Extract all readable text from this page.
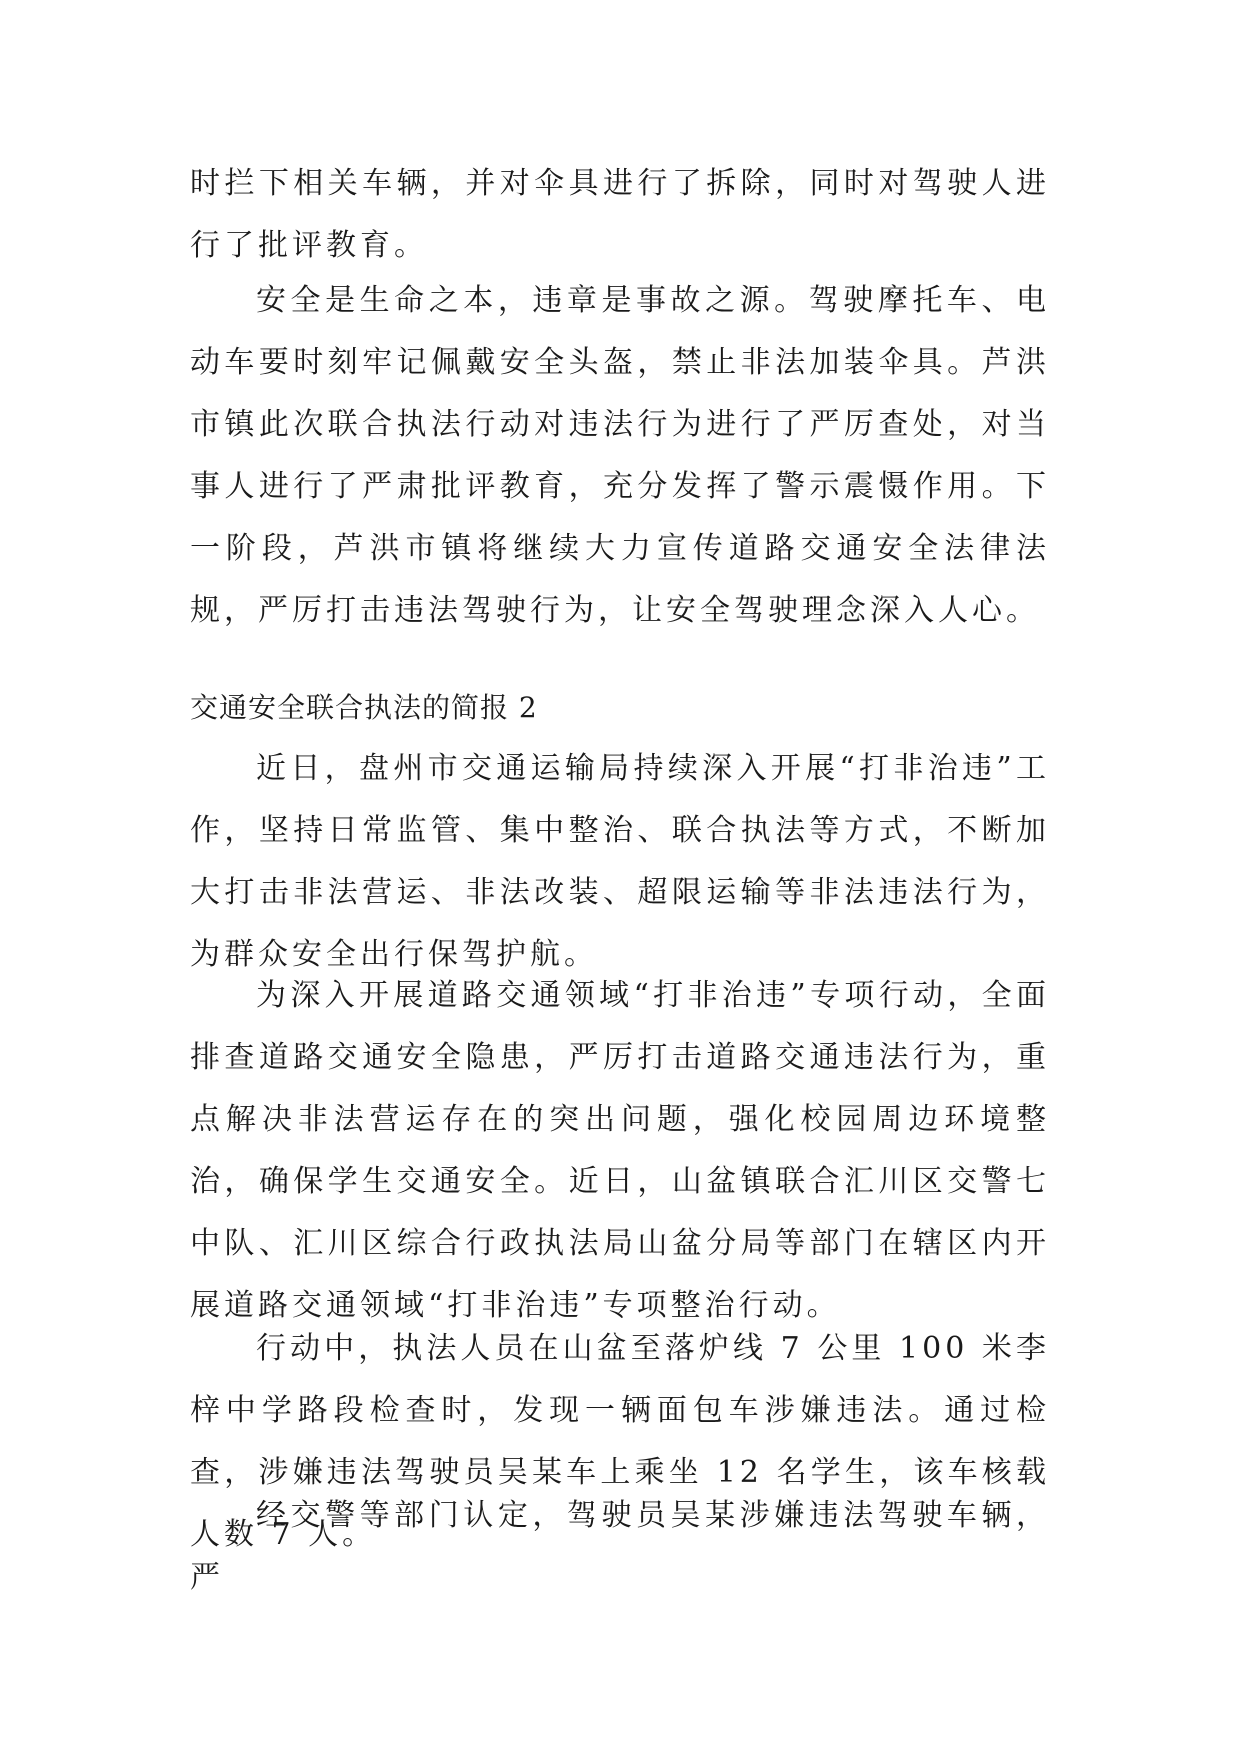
时拦下相关车辆，并对伞具进行了拆除，同时对驾驶人进行了批评教育。

安全是生命之本，违章是事故之源。驾驶摩托车、电动车要时刻牢记佩戴安全头盔，禁止非法加装伞具。芦洪市镇此次联合执法行动对违法行为进行了严厉查处，对当事人进行了严肃批评教育，充分发挥了警示震慑作用。下一阶段，芦洪市镇将继续大力宣传道路交通安全法律法规，严厉打击违法驾驶行为，让安全驾驶理念深入人心。

交通安全联合执法的简报 2

近日，盘州市交通运输局持续深入开展“打非治违”工作，坚持日常监管、集中整治、联合执法等方式，不断加大打击非法营运、非法改装、超限运输等非法违法行为，为群众安全出行保驾护航。

为深入开展道路交通领域“打非治违”专项行动，全面排查道路交通安全隐患，严厉打击道路交通违法行为，重点解决非法营运存在的突出问题，强化校园周边环境整治，确保学生交通安全。近日，山盆镇联合汇川区交警七中队、汇川区综合行政执法局山盆分局等部门在辖区内开展道路交通领域“打非治违”专项整治行动。

行动中，执法人员在山盆至落炉线 7 公里 100 米李梓中学路段检查时，发现一辆面包车涉嫌违法。通过检查，涉嫌违法驾驶员吴某车上乘坐 12 名学生，该车核载人数 7 人。

经交警等部门认定，驾驶员吴某涉嫌违法驾驶车辆，严
